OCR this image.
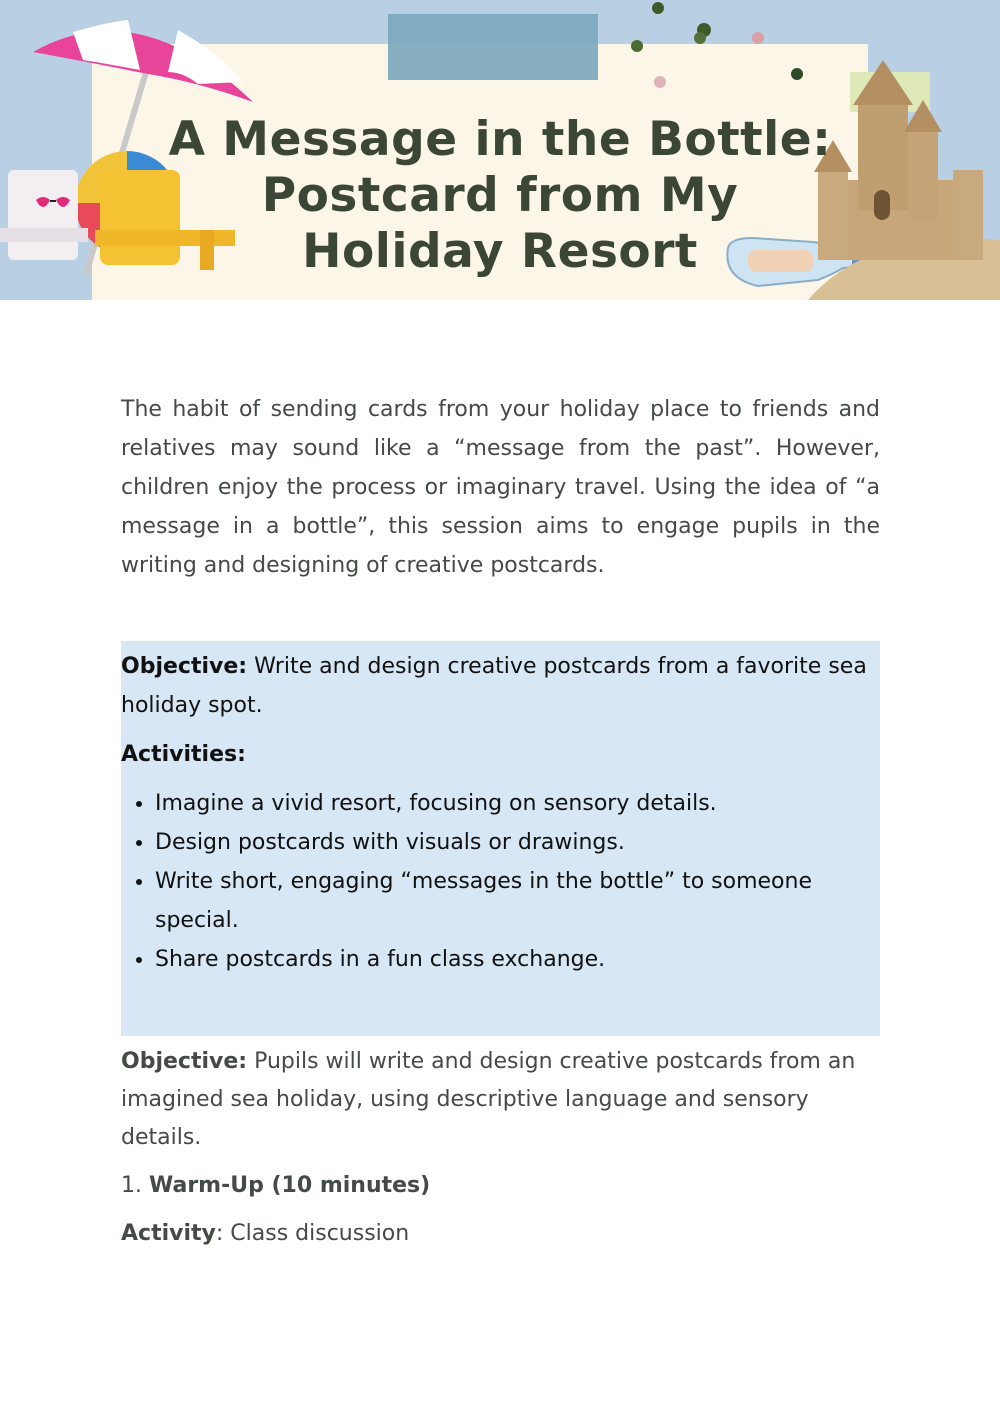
A Message in the Bottle:
Postcard from My
Holiday Resort

The habit of sending cards from your holiday place to friends and relatives may sound like a “message from the past”. However, children enjoy the process or imaginary travel. Using the idea of “a message in a bottle”, this session aims to engage pupils in the writing and designing of creative postcards.

Objective: Write and design creative postcards from a favorite sea holiday spot.

Activities:

• Imagine a vivid resort, focusing on sensory details.
• Design postcards with visuals or drawings.
• Write short, engaging “messages in the bottle” to someone special.
• Share postcards in a fun class exchange.

Objective: Pupils will write and design creative postcards from an imagined sea holiday, using descriptive language and sensory details.

1. Warm-Up (10 minutes)

Activity: Class discussion
